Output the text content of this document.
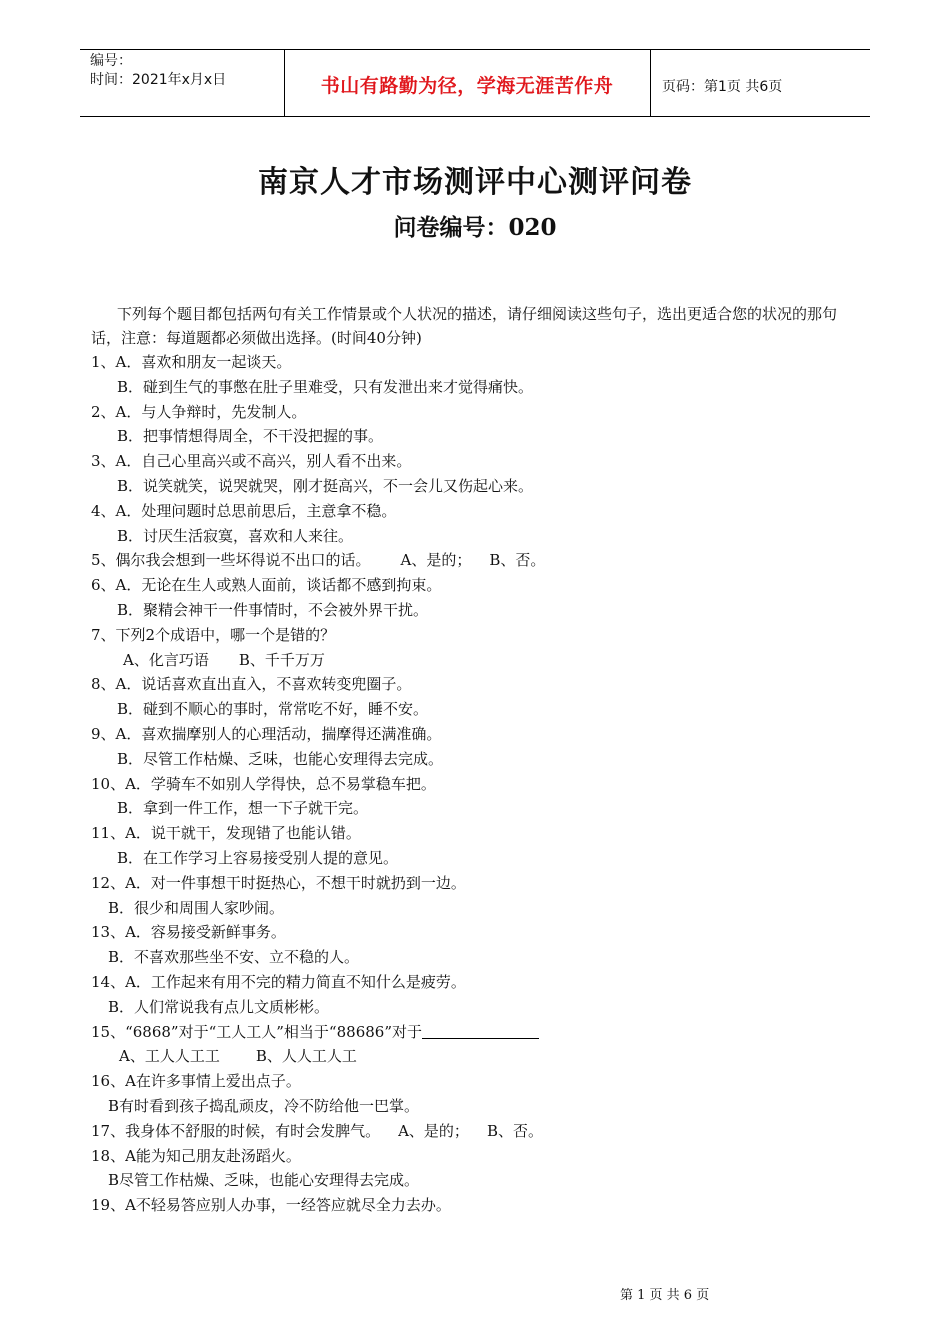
编号：
时间：2021年x月x日	书山有路勤为径，学海无涯苦作舟	页码：第1页 共6页
南京人才市场测评中心测评问卷
问卷编号：020

下列每个题目都包括两句有关工作情景或个人状况的描述，请仔细阅读这些句子，选出更适合您的状况的那句话，注意：每道题都必须做出选择。(时间40分钟)

1、A．喜欢和朋友一起谈天。
B．碰到生气的事憋在肚子里难受，只有发泄出来才觉得痛快。
2、A．与人争辩时，先发制人。
B．把事情想得周全，不干没把握的事。
3、A．自己心里高兴或不高兴，别人看不出来。
B．说笑就笑，说哭就哭，刚才挺高兴，不一会儿又伤起心来。
4、A．处理问题时总思前思后，主意拿不稳。
B．讨厌生活寂寞，喜欢和人来往。
5、偶尔我会想到一些坏得说不出口的话。 A、是的； B、否。
6、A．无论在生人或熟人面前，谈话都不感到拘束。
B．聚精会神干一件事情时，不会被外界干扰。
7、下列2个成语中，哪一个是错的？
A、化言巧语 B、千千万万
8、A．说话喜欢直出直入，不喜欢转变兜圈子。
B．碰到不顺心的事时，常常吃不好，睡不安。
9、A．喜欢揣摩别人的心理活动，揣摩得还满准确。
B．尽管工作枯燥、乏味，也能心安理得去完成。
10、A．学骑车不如别人学得快，总不易掌稳车把。
B．拿到一件工作，想一下子就干完。
11、A．说干就干，发现错了也能认错。
B．在工作学习上容易接受别人提的意见。
12、A．对一件事想干时挺热心，不想干时就扔到一边。
B．很少和周围人家吵闹。
13、A．容易接受新鲜事务。
B．不喜欢那些坐不安、立不稳的人。
14、A．工作起来有用不完的精力简直不知什么是疲劳。
B．人们常说我有点儿文质彬彬。
15、“6868”对于“工人工人”相当于“88686”对于
A、工人人工工 B、人人工人工
16、A在许多事情上爱出点子。
B有时看到孩子捣乱顽皮，冷不防给他一巴掌。
17、我身体不舒服的时候，有时会发脾气。 A、是的； B、否。
18、A能为知己朋友赴汤蹈火。
B尽管工作枯燥、乏味，也能心安理得去完成。
19、A不轻易答应别人办事，一经答应就尽全力去办。
第 1 页 共 6 页
